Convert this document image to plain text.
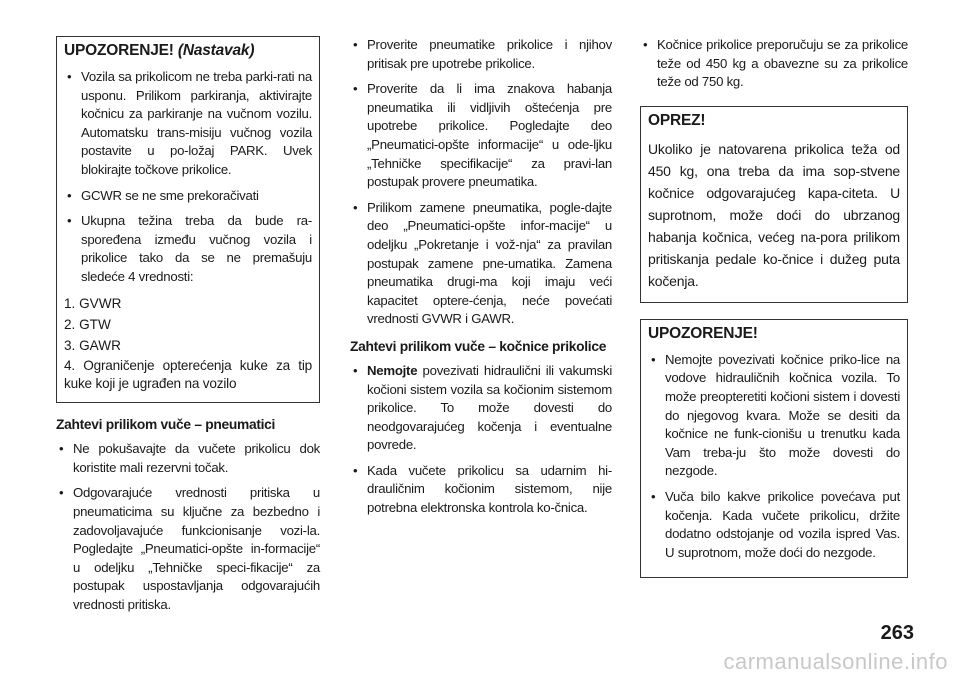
UPOZORENJE! (Nastavak)
• Vozila sa prikolicom ne treba parki-rati na usponu. Prilikom parkiranja, aktivirajte kočnicu za parkiranje na vučnom vozilu. Automatsku trans-misiju vučnog vozila postavite u po-ložaj PARK. Uvek blokirajte točkove prikolice.
• GCWR se ne sme prekoračivati
• Ukupna težina treba da bude ra-spoređena između vučnog vozila i prikolice tako da se ne premašuju sledeće 4 vrednosti:
1. GVWR
2. GTW
3. GAWR
4. Ograničenje opterećenja kuke za tip kuke koji je ugrađen na vozilo
Zahtevi prilikom vuče – pneumatici
• Ne pokušavajte da vučete prikolicu dok koristite mali rezervni točak.
• Odgovarajuće vrednosti pritiska u pneumaticima su ključne za bezbedno i zadovoljavajuće funkcionisanje vozi-la. Pogledajte „Pneumatici-opšte in-formacije“ u odeljku „Tehničke speci-fikacije“ za postupak uspostavljanja odgovarajućih vrednosti pritiska.
• Proverite pneumatike prikolice i njihov pritisak pre upotrebe prikolice.
• Proverite da li ima znakova habanja pneumatika ili vidljivih oštećenja pre upotrebe prikolice. Pogledajte deo „Pneumatici-opšte informacije“ u ode-ljku „Tehničke specifikacije“ za pravi-lan postupak provere pneumatika.
• Prilikom zamene pneumatika, pogle-dajte deo „Pneumatici-opšte infor-macije“ u odeljku „Pokretanje i vož-nja“ za pravilan postupak zamene pne-umatika. Zamena pneumatika drugi-ma koji imaju veći kapacitet optere-ćenja, neće povećati vrednosti GVWR i GAWR.
Zahtevi prilikom vuče – kočnice prikolice
• Nemojte povezivati hidraulični ili vakumski kočioni sistem vozila sa kočionim sistemom prikolice. To može dovesti do neodgovarajućeg kočenja i eventualne povrede.
• Kada vučete prikolicu sa udarnim hi-drauličnim kočionim sistemom, nije potrebna elektronska kontrola ko-čnica.
• Kočnice prikolice preporučuju se za prikolice teže od 450 kg a obavezne su za prikolice teže od 750 kg.
OPREZ!
Ukoliko je natovarena prikolica teža od 450 kg, ona treba da ima sop-stvene kočnice odgovarajućeg kapa-citeta. U suprotnom, može doći do ubrzanog habanja kočnica, većeg na-pora prilikom pritiskanja pedale ko-čnice i dužeg puta kočenja.
UPOZORENJE!
• Nemojte povezivati kočnice priko-lice na vodove hidrauličnih kočnica vozila. To može preopteretiti kočioni sistem i dovesti do njegovog kvara. Može se desiti da kočnice ne funk-cionišu u trenutku kada Vam treba-ju što može dovesti do nezgode.
• Vuča bilo kakve prikolice povećava put kočenja. Kada vučete prikolicu, držite dodatno odstojanje od vozila ispred Vas. U suprotnom, može doći do nezgode.
263
carmanualsonline.info
